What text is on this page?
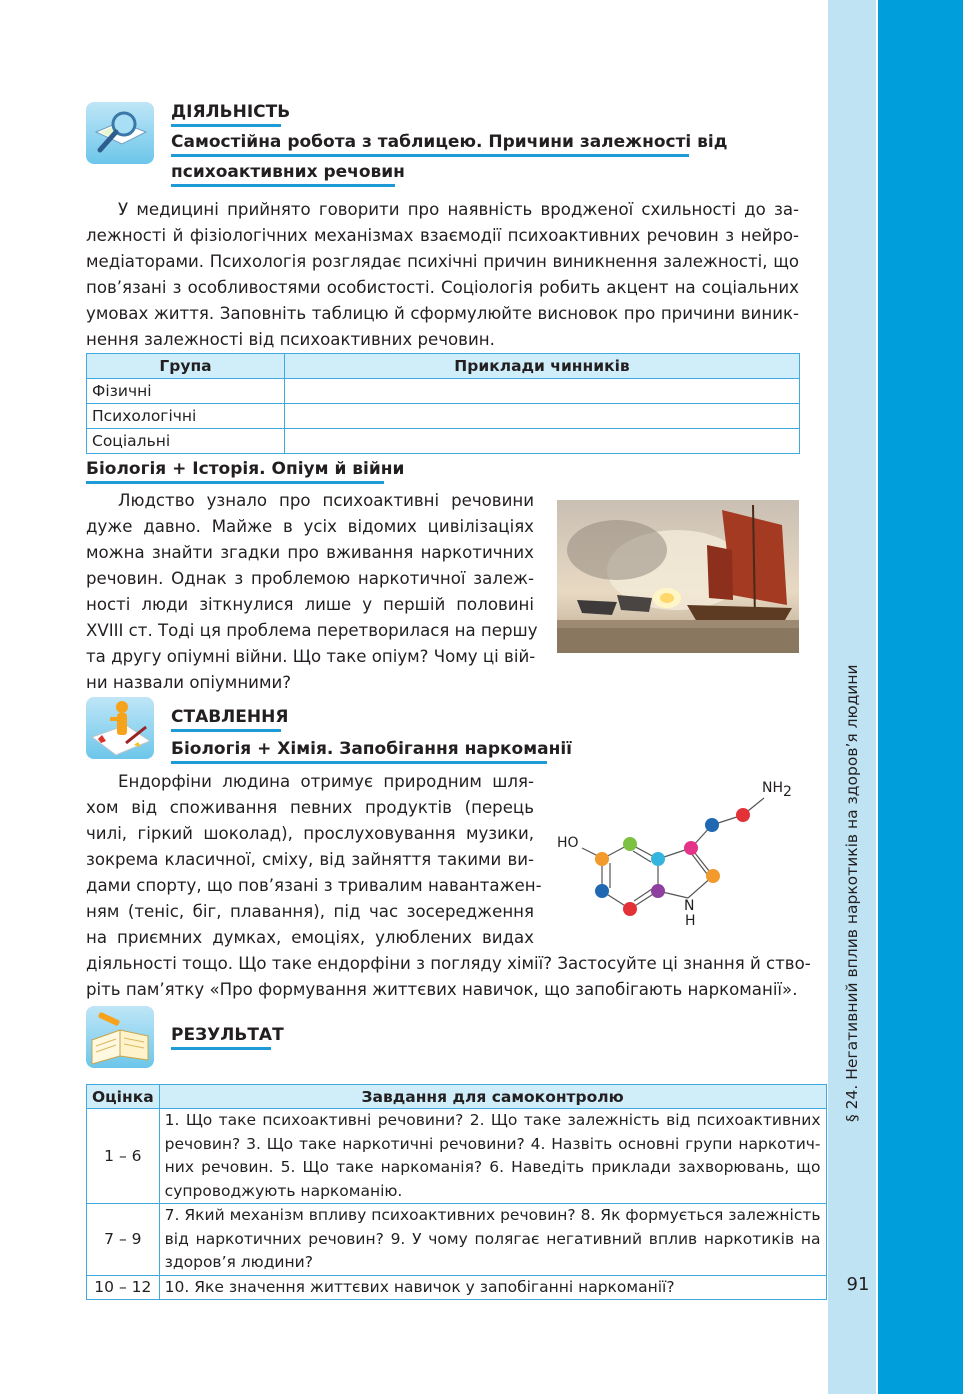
§ 24. Негативний вплив наркотиків на здоров’я людини
91
ДІЯЛЬНІСТЬ
Самостійна робота з таблицею. Причини залежності від
психоактивних речовин
У медицині прийнято говорити про наявність вродженої схильності до за-
лежності й фізіологічних механізмах взаємодії психоактивних речовин з нейро-
медіаторами. Психологія розглядає психічні причин виникнення залежності, що
пов’язані з особливостями особистості. Соціологія робить акцент на соціальних
умовах життя. Заповніть таблицю й сформулюйте висновок про причини виник-
нення залежності від психоактивних речовин.
Група	Приклади чинників
Фізичні	
Психологічні	
Соціальні	
Біологія + Історія. Опіум й війни
Людство узнало про психоактивні речовини
дуже давно. Майже в усіх відомих цивілізаціях
можна знайти згадки про вживання наркотичних
речовин. Однак з проблемою наркотичної залеж-
ності люди зіткнулися лише у першій половині
XVIII ст. Тоді ця проблема перетворилася на першу
та другу опіумні війни. Що таке опіум? Чому ці вій-
ни назвали опіумними?
СТАВЛЕННЯ
Біологія + Хімія. Запобігання наркоманії
Ендорфіни людина отримує природним шля-
хом від споживання певних продуктів (перець
чилі, гіркий шоколад), прослуховування музики,
зокрема класичної, сміху, від зайняття такими ви-
дами спорту, що пов’язані з тривалим навантажен-
ням (теніс, біг, плавання), під час зосередження
на приємних думках, емоціях, улюблених видах
діяльності тощо. Що таке ендорфіни з погляду хімії? Застосуйте ці знання й ство-
ріть пам’ятку «Про формування життєвих навичок, що запобігають наркоманії».
HO
N
H
NH2
РЕЗУЛЬТАТ
Оцінка	Завдання для самоконтролю
1 – 6	1. Що таке психоактивні речовини? 2. Що таке залежність від психоактивних
речовин? 3. Що таке наркотичні речовини? 4. Назвіть основні групи наркотич-
них речовин. 5. Що таке наркоманія? 6. Наведіть приклади захворювань, що
супроводжують наркоманію.

7 – 9	7. Який механізм впливу психоактивних речовин? 8. Як формується залежність
від наркотичних речовин? 9. У чому полягає негативний вплив наркотиків на
здоров’я людини?

10 – 12	10. Яке значення життєвих навичок у запобіганні наркоманії?
